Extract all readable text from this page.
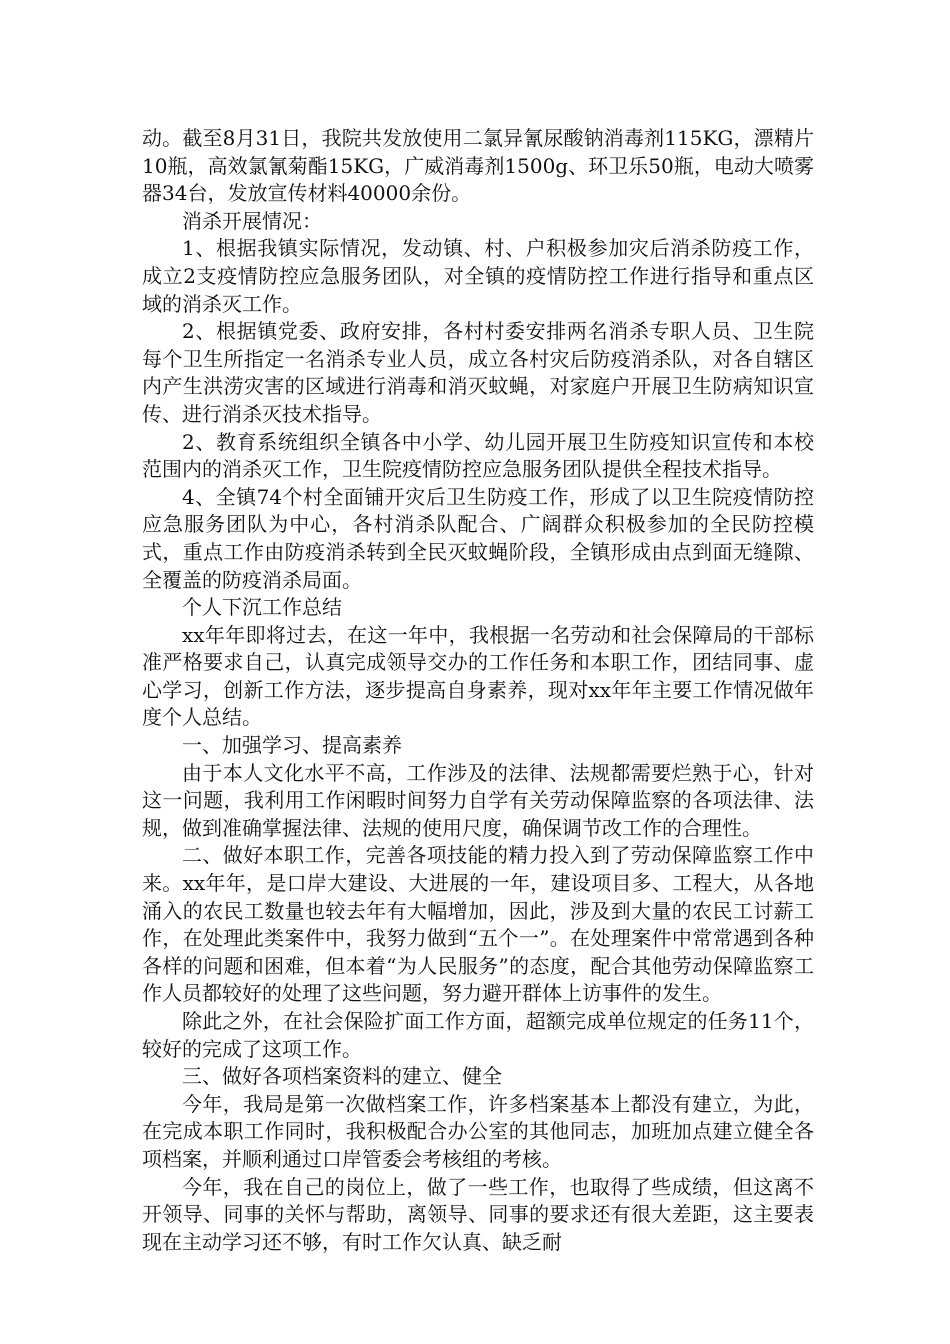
动。截至8月31日，我院共发放使用二氯异氰尿酸钠消毒剂115KG，漂精片10瓶，高效氯氰菊酯15KG，广威消毒剂1500g、环卫乐50瓶，电动大喷雾器34台，发放宣传材料40000余份。

消杀开展情况：

1、根据我镇实际情况，发动镇、村、户积极参加灾后消杀防疫工作，成立2支疫情防控应急服务团队，对全镇的疫情防控工作进行指导和重点区域的消杀灭工作。

2、根据镇党委、政府安排，各村村委安排两名消杀专职人员、卫生院每个卫生所指定一名消杀专业人员，成立各村灾后防疫消杀队，对各自辖区内产生洪涝灾害的区域进行消毒和消灭蚊蝇，对家庭户开展卫生防病知识宣传、进行消杀灭技术指导。

2、教育系统组织全镇各中小学、幼儿园开展卫生防疫知识宣传和本校范围内的消杀灭工作，卫生院疫情防控应急服务团队提供全程技术指导。

4、全镇74个村全面铺开灾后卫生防疫工作，形成了以卫生院疫情防控应急服务团队为中心，各村消杀队配合、广阔群众积极参加的全民防控模式，重点工作由防疫消杀转到全民灭蚊蝇阶段，全镇形成由点到面无缝隙、全覆盖的防疫消杀局面。

个人下沉工作总结

xx年年即将过去，在这一年中，我根据一名劳动和社会保障局的干部标准严格要求自己，认真完成领导交办的工作任务和本职工作，团结同事、虚心学习，创新工作方法，逐步提高自身素养，现对xx年年主要工作情况做年度个人总结。

一、加强学习、提高素养

由于本人文化水平不高，工作涉及的法律、法规都需要烂熟于心，针对这一问题，我利用工作闲暇时间努力自学有关劳动保障监察的各项法律、法规，做到准确掌握法律、法规的使用尺度，确保调节改工作的合理性。

二、做好本职工作，完善各项技能的精力投入到了劳动保障监察工作中来。xx年年，是口岸大建设、大进展的一年，建设项目多、工程大，从各地涌入的农民工数量也较去年有大幅增加，因此，涉及到大量的农民工讨薪工作，在处理此类案件中，我努力做到“五个一”。在处理案件中常常遇到各种各样的问题和困难，但本着“为人民服务”的态度，配合其他劳动保障监察工作人员都较好的处理了这些问题，努力避开群体上访事件的发生。

除此之外，在社会保险扩面工作方面，超额完成单位规定的任务11个，较好的完成了这项工作。

三、做好各项档案资料的建立、健全

今年，我局是第一次做档案工作，许多档案基本上都没有建立，为此，在完成本职工作同时，我积极配合办公室的其他同志，加班加点建立健全各项档案，并顺利通过口岸管委会考核组的考核。

今年，我在自己的岗位上，做了一些工作，也取得了些成绩，但这离不开领导、同事的关怀与帮助，离领导、同事的要求还有很大差距，这主要表现在主动学习还不够，有时工作欠认真、缺乏耐
